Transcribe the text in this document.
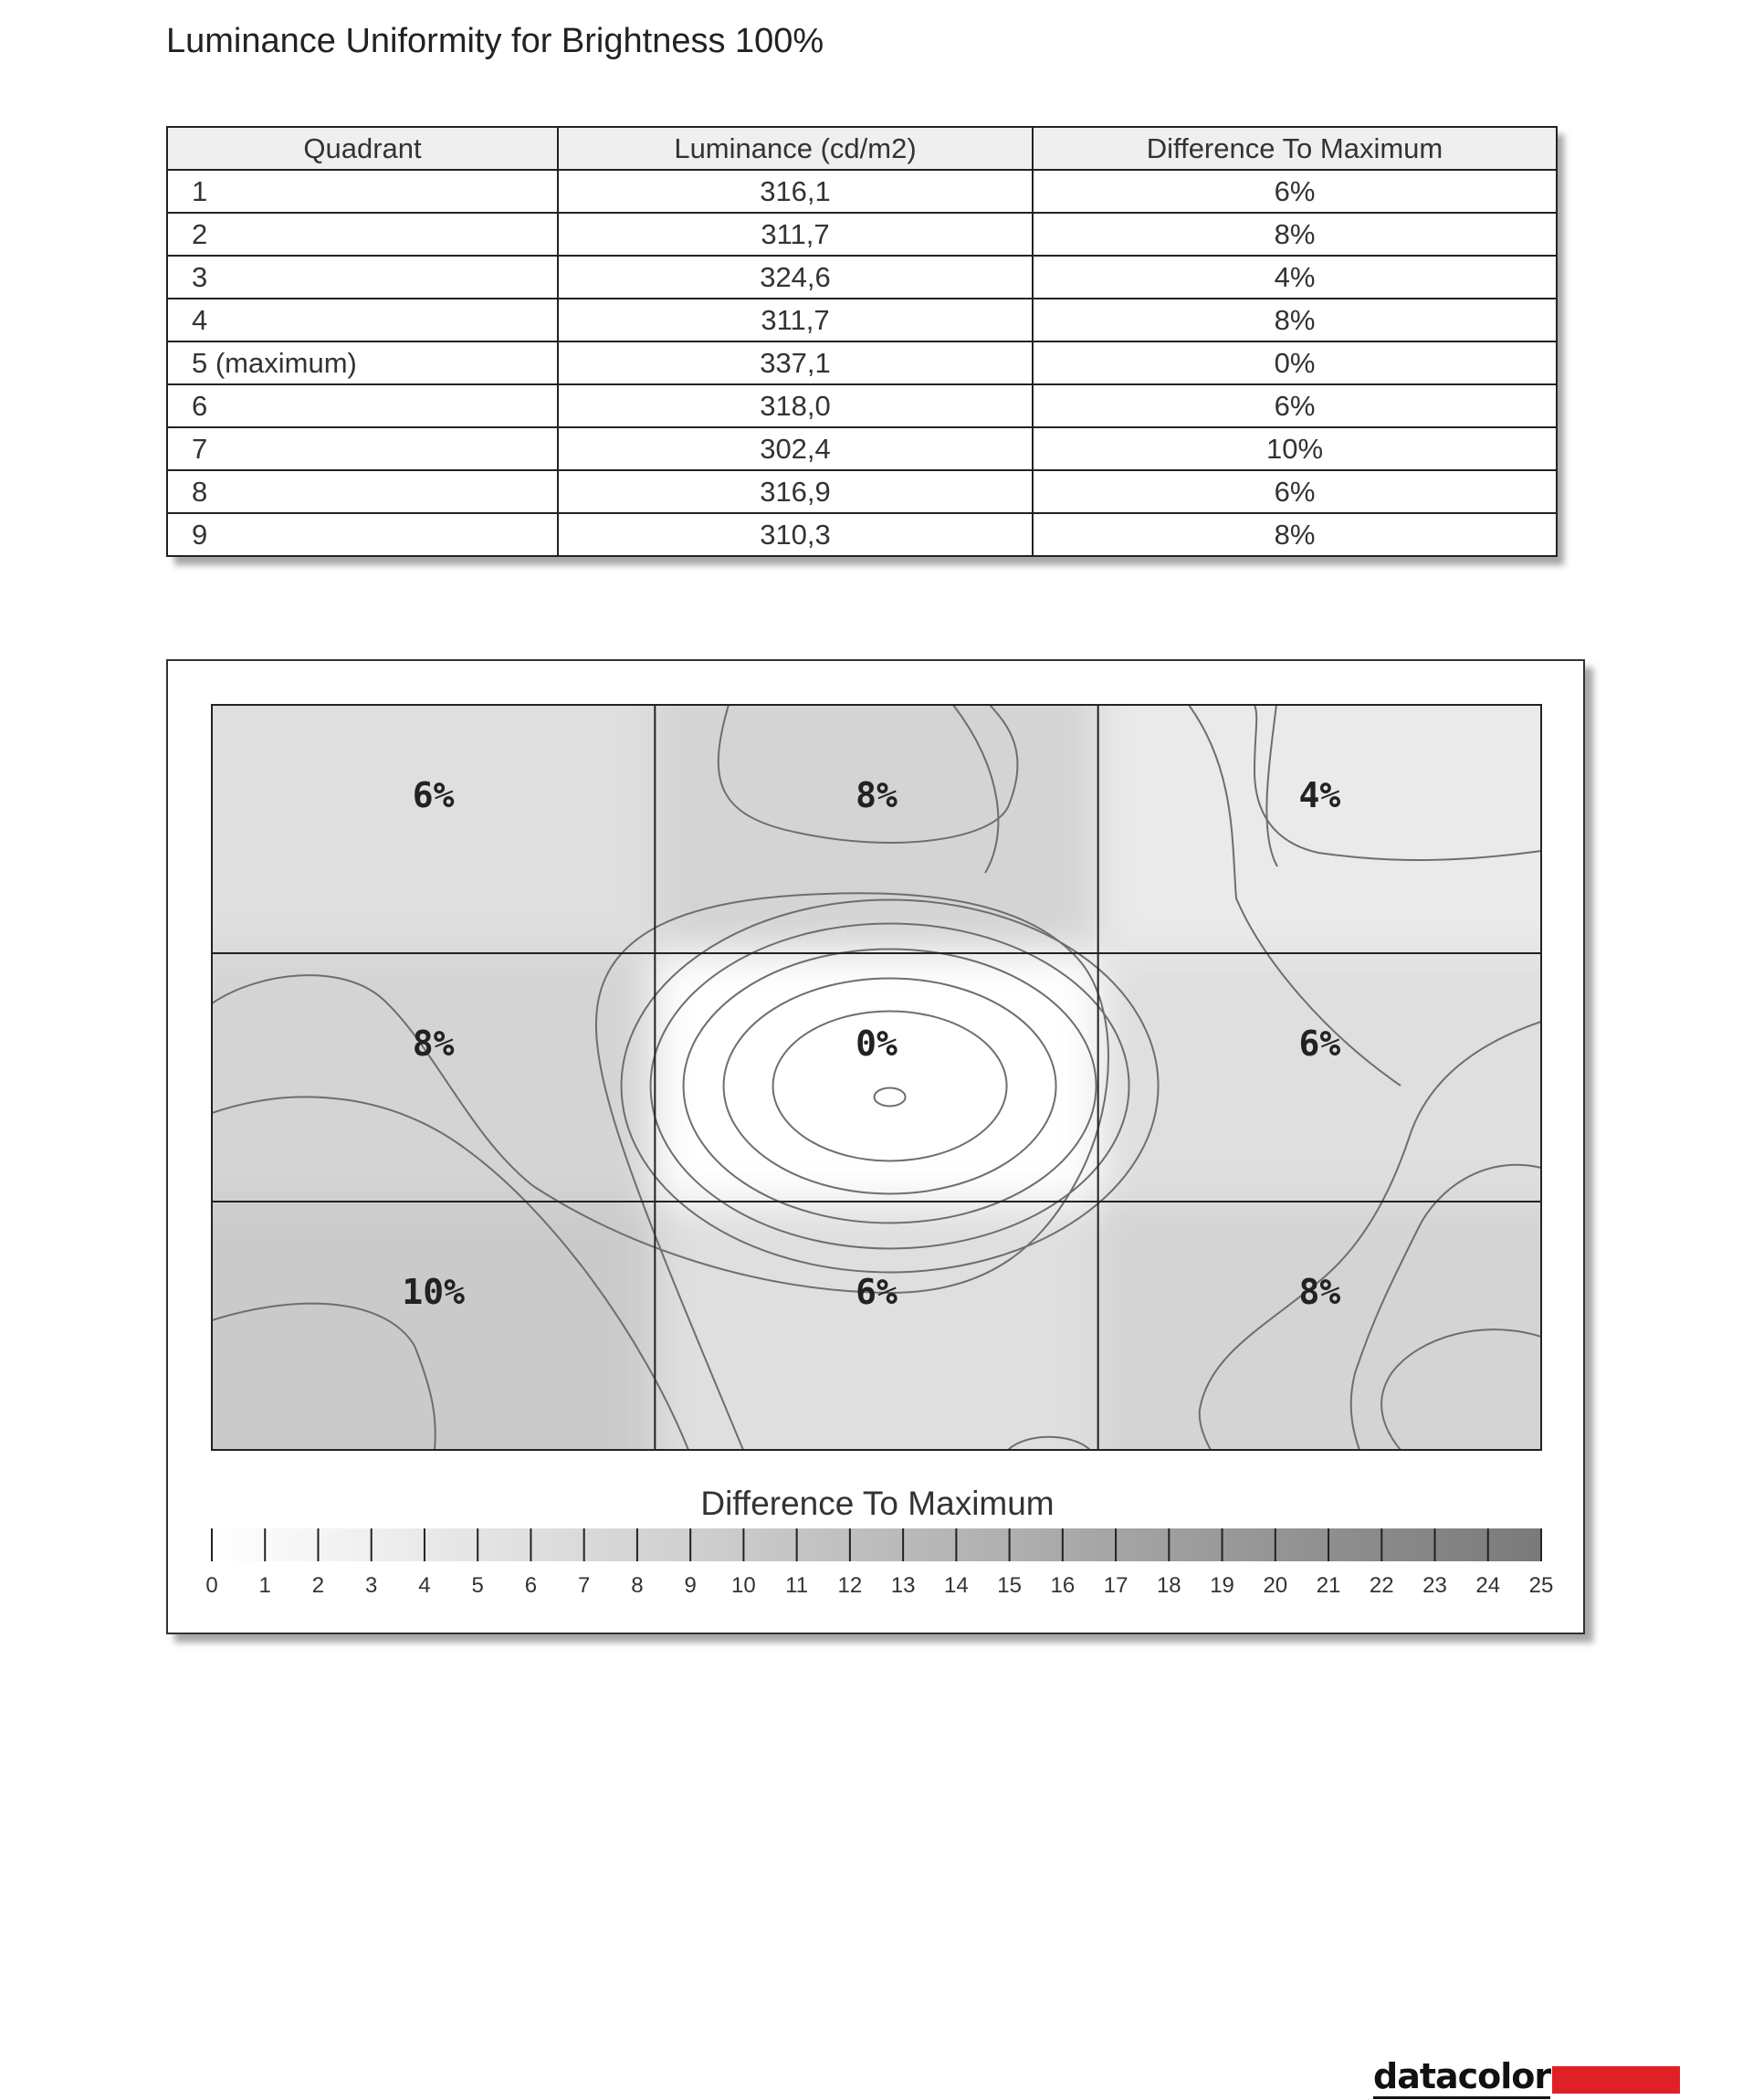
Luminance Uniformity for Brightness 100%
Quadrant	Luminance (cd/m2)	Difference To Maximum
1	316,1	6%
2	311,7	8%
3	324,6	4%
4	311,7	8%
5 (maximum)	337,1	0%
6	318,0	6%
7	302,4	10%
8	316,9	6%
9	310,3	8%
6%	8%	4%
8%	0%	6%
10%	6%	8%
0 1 2 3 4 5 6 7 8 9 10 11 12 13 14 15 16 17 18 19 20 21 22 23 24 25
Difference To Maximum
datacolor
